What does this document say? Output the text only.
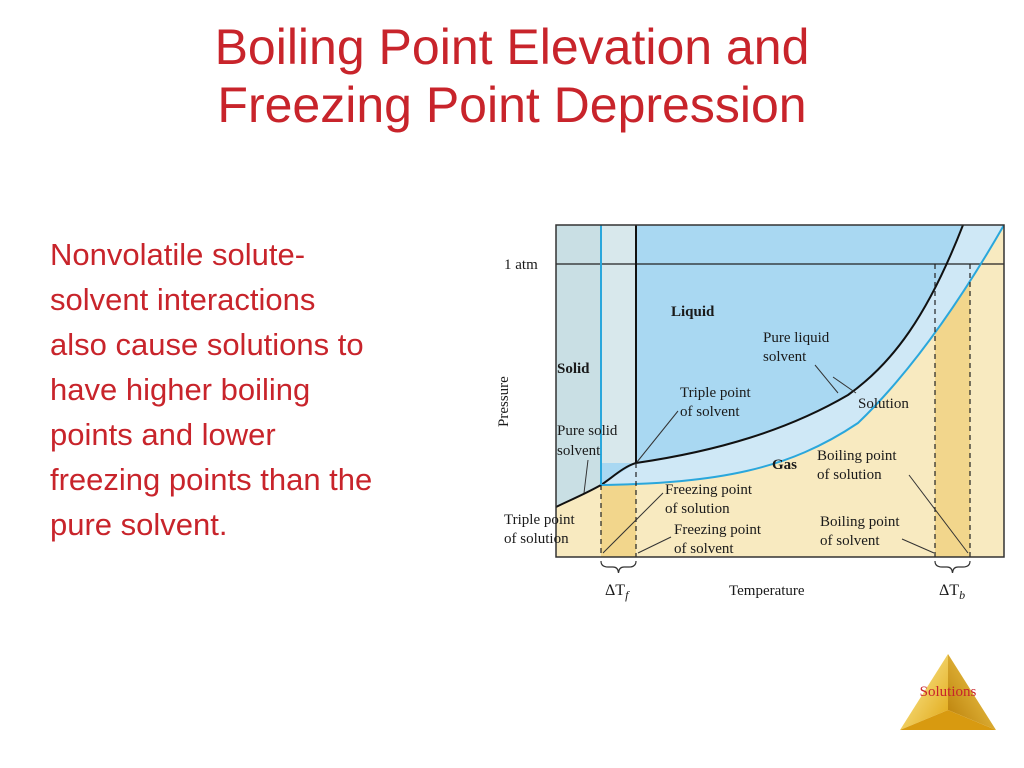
Boiling Point Elevation and
Freezing Point Depression
Nonvolatile solute-
solvent interactions
also cause solutions to
have higher boiling
points and lower
freezing points than the
pure solvent.
1 atm
Pressure
Temperature
Solid
Liquid
Gas
Pure liquid
solvent
Triple point
of solvent	Solution
Pure solid
solvent	Boiling point
of solution
Freezing point
of solution
Triple point
of solution
Freezing point
of solvent
Boiling point
of solvent
$\Delta T_f$	$\Delta T_b$
Solutions
